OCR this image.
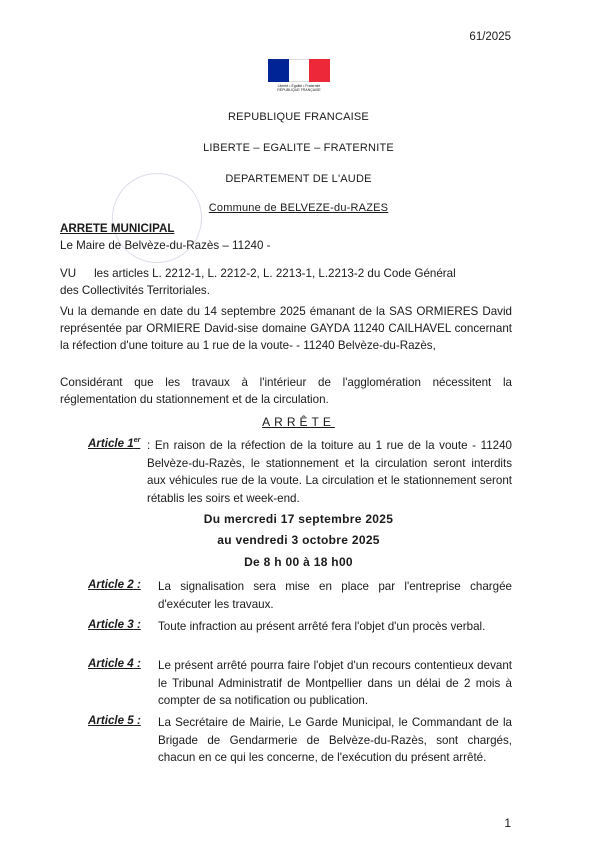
61/2025
Liberté • Égalité • Fraternité
RÉPUBLIQUE FRANÇAISE
REPUBLIQUE FRANCAISE
LIBERTE – EGALITE – FRATERNITE
DEPARTEMENT DE L'AUDE
Commune de BELVEZE-du-RAZES
ARRETE MUNICIPAL
Le Maire de Belvèze-du-Razès – 11240 -
VU les articles L. 2212-1, L. 2212-2, L. 2213-1, L.2213-2 du Code Général
des Collectivités Territoriales.
Vu la demande en date du 14 septembre 2025 émanant de la SAS ORMIERES David représentée par ORMIERE David-sise domaine GAYDA 11240 CAILHAVEL concernant la réfection d'une toiture au 1 rue de la voute- - 11240 Belvèze-du-Razès,
Considérant que les travaux à l'intérieur de l'agglomération nécessitent la réglementation du stationnement et de la circulation.
ARRÊTE
Article 1er : En raison de la réfection de la toiture au 1 rue de la voute - 11240 Belvèze-du-Razès, le stationnement et la circulation seront interdits aux véhicules rue de la voute. La circulation et le stationnement seront rétablis les soirs et week-end.
Du mercredi 17 septembre 2025
au vendredi 3 octobre 2025
De 8 h 00 à 18 h00
Article 2 : La signalisation sera mise en place par l'entreprise chargée d'exécuter les travaux.
Article 3 : Toute infraction au présent arrêté fera l'objet d'un procès verbal.
Article 4 : Le présent arrêté pourra faire l'objet d'un recours contentieux devant le Tribunal Administratif de Montpellier dans un délai de 2 mois à compter de sa notification ou publication.
Article 5 : La Secrétaire de Mairie, Le Garde Municipal, le Commandant de la Brigade de Gendarmerie de Belvèze-du-Razès, sont chargés, chacun en ce qui les concerne, de l'exécution du présent arrêté.
1
